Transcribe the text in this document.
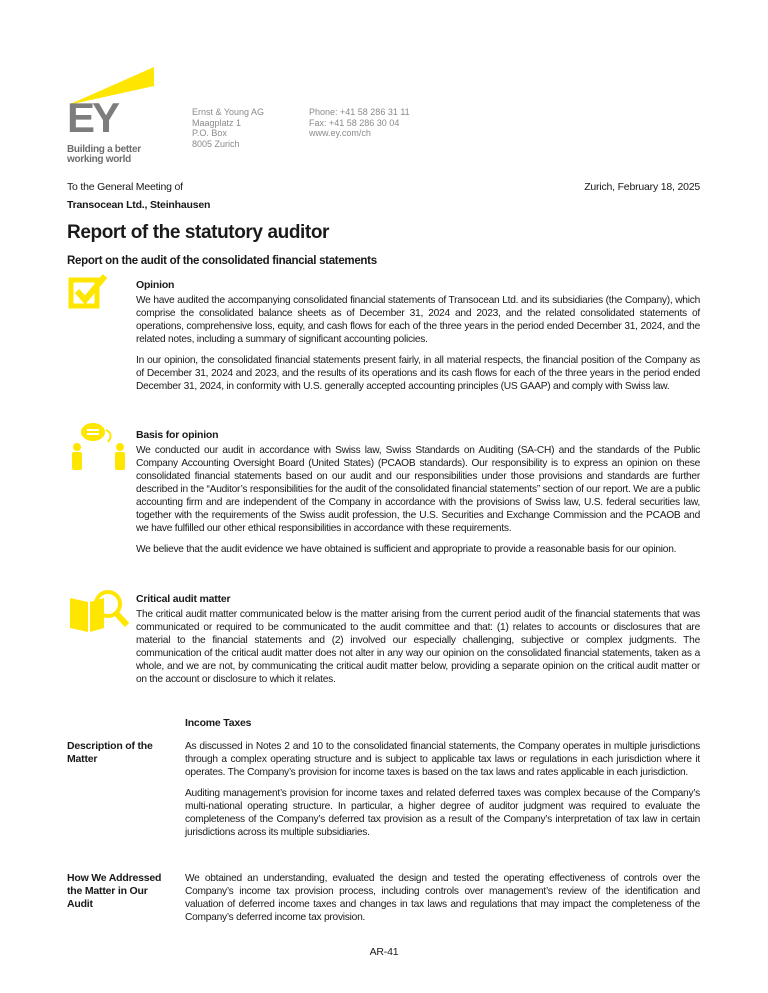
EY
Building a better
working world
Ernst & Young AG
Maagplatz 1
P.O. Box
8005 Zurich
Phone: +41 58 286 31 11
Fax: +41 58 286 30 04
www.ey.com/ch
To the General Meeting of
Transocean Ltd., Steinhausen
Zurich, February 18, 2025
Report of the statutory auditor
Report on the audit of the consolidated financial statements

Opinion

We have audited the accompanying consolidated financial statements of Transocean Ltd. and its subsidiaries (the Company), which comprise the consolidated balance sheets as of December 31, 2024 and 2023, and the related consolidated statements of operations, comprehensive loss, equity, and cash flows for each of the three years in the period ended December 31, 2024, and the related notes, including a summary of significant accounting policies.

In our opinion, the consolidated financial statements present fairly, in all material respects, the financial position of the Company as of December 31, 2024 and 2023, and the results of its operations and its cash flows for each of the three years in the period ended December 31, 2024, in conformity with U.S. generally accepted accounting principles (US GAAP) and comply with Swiss law.

Basis for opinion

We conducted our audit in accordance with Swiss law, Swiss Standards on Auditing (SA-CH) and the standards of the Public Company Accounting Oversight Board (United States) (PCAOB standards). Our responsibility is to express an opinion on these consolidated financial statements based on our audit and our responsibilities under those provisions and standards are further described in the “Auditor’s responsibilities for the audit of the consolidated financial statements” section of our report. We are a public accounting firm and are independent of the Company in accordance with the provisions of Swiss law, U.S. federal securities law, together with the requirements of the Swiss audit profession, the U.S. Securities and Exchange Commission and the PCAOB and we have fulfilled our other ethical responsibilities in accordance with these requirements.

We believe that the audit evidence we have obtained is sufficient and appropriate to provide a reasonable basis for our opinion.

Critical audit matter

The critical audit matter communicated below is the matter arising from the current period audit of the financial statements that was communicated or required to be communicated to the audit committee and that: (1) relates to accounts or disclosures that are material to the financial statements and (2) involved our especially challenging, subjective or complex judgments. The communication of the critical audit matter does not alter in any way our opinion on the consolidated financial statements, taken as a whole, and we are not, by communicating the critical audit matter below, providing a separate opinion on the critical audit matter or on the account or disclosure to which it relates.

Income Taxes
Description of the Matter

As discussed in Notes 2 and 10 to the consolidated financial statements, the Company operates in multiple jurisdictions through a complex operating structure and is subject to applicable tax laws or regulations in each jurisdiction where it operates. The Company’s provision for income taxes is based on the tax laws and rates applicable in each jurisdiction.

Auditing management’s provision for income taxes and related deferred taxes was complex because of the Company’s multi-national operating structure. In particular, a higher degree of auditor judgment was required to evaluate the completeness of the Company’s deferred tax provision as a result of the Company’s interpretation of tax law in certain jurisdictions across its multiple subsidiaries.

How We Addressed the Matter in Our Audit

We obtained an understanding, evaluated the design and tested the operating effectiveness of controls over the Company’s income tax provision process, including controls over management’s review of the identification and valuation of deferred income taxes and changes in tax laws and regulations that may impact the completeness of the Company’s deferred income tax provision.

AR-41
